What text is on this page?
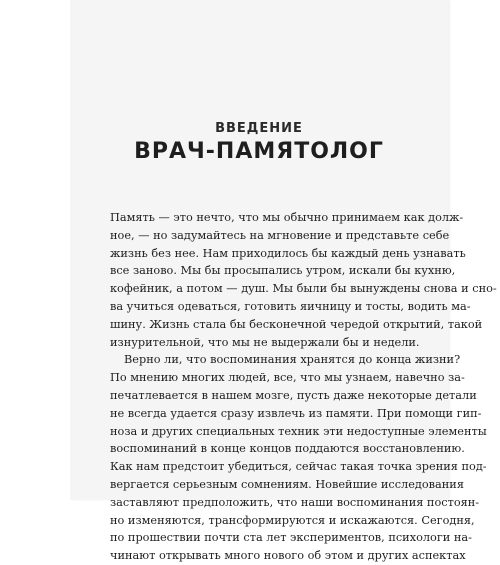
ВВЕДЕНИЕ
ВРАЧ-ПАМЯТОЛОГ

Память — это нечто, что мы обычно принимаем как долж-
ное, — но задумайтесь на мгновение и представьте себе
жизнь без нее. Нам приходилось бы каждый день узнавать
все заново. Мы бы просыпались утром, искали бы кухню,
кофейник, а потом — душ. Мы были бы вынуждены снова и сно-
ва учиться одеваться, готовить яичницу и тосты, водить ма-
шину. Жизнь стала бы бесконечной чередой открытий, такой
изнурительной, что мы не выдержали бы и недели.

Верно ли, что воспоминания хранятся до конца жизни?
По мнению многих людей, все, что мы узнаем, навечно за-
печатлевается в нашем мозге, пусть даже некоторые детали
не всегда удается сразу извлечь из памяти. При помощи гип-
ноза и других специальных техник эти недоступные элементы
воспоминаний в конце концов поддаются восстановлению.
Как нам предстоит убедиться, сейчас такая точка зрения под-
вергается серьезным сомнениям. Новейшие исследования
заставляют предположить, что наши воспоминания постоян-
но изменяются, трансформируются и искажаются. Сегодня,
по прошествии почти ста лет экспериментов, психологи на-
чинают открывать много нового об этом и других аспектах
